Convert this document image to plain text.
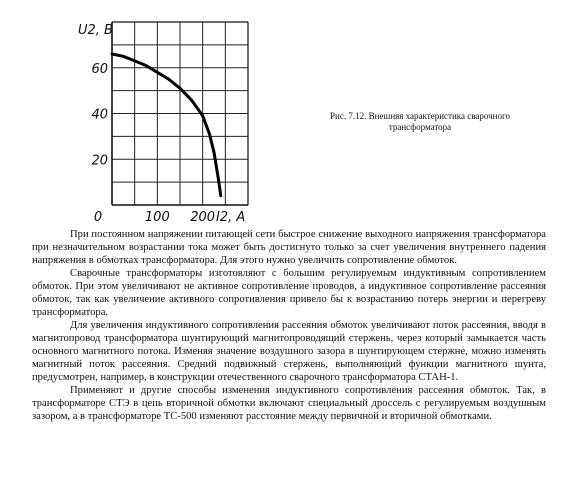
20
40
60
0	100 200
U2, B
I2, A
Рис. 7.12. Внешняя характеристика сварочного трансформатора

При постоянном напряжении питающей сети быстрое снижение выходного напряжения трансформатора при незначительном возрастании тока может быть достигнуто только за счет увеличения внутреннего падения напряжения в обмотках трансформатора. Для этого нужно увеличить сопротивление обмоток.

Сварочные трансформаторы изготовляют с большим регулируемым индуктивным сопротивлением обмоток. При этом увеличивают не активное сопротивление проводов, а индуктивное сопротивление рассеяния обмоток, так как увеличение активного сопротивления привело бы к возрастанию потерь энергии и перегреву трансформатора.

Для увеличения индуктивного сопротивления рассеяния обмоток увеличивают поток рассеяния, вводя в магнитопровод трансформатора шунтирующий магнитопроводящий стержень, через который замыкается часть основного магнитного потока. Изменяя значение воздушного зазора в шунтирующем стержне, можно изменять магнитный поток рассеяния. Средний подвижный стержень, выполняющий функции магнитного шунта, предусмотрен, например, в конструкции отечественного сварочного трансформатора СТАН-1.

Применяют и другие способы изменения индуктивного сопротивления рассеяния обмоток. Так, в трансформаторе СТЭ в цепь вторичной обмотки включают специальный дроссель с регулируемым воздушным зазором, а в трансформаторе ТС-500 изменяют расстояние между первичной и вторичной обмотками.
